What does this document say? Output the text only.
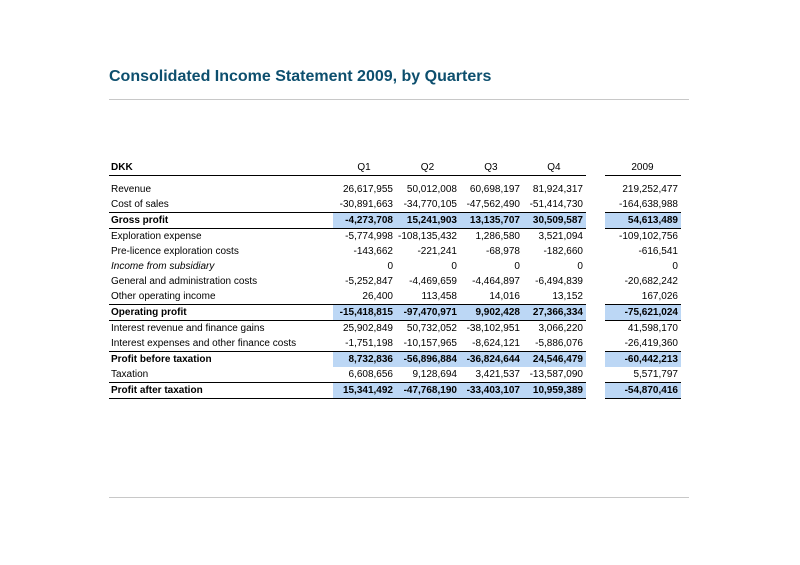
Consolidated Income Statement 2009, by Quarters
DKK	Q1	Q2	Q3	Q4		2009

Revenue	26,617,955	50,012,008	60,698,197	81,924,317		219,252,477
Cost of sales	-30,891,663	-34,770,105	-47,562,490	-51,414,730		-164,638,988
Gross profit	-4,273,708	15,241,903	13,135,707	30,509,587		54,613,489
Exploration expense	-5,774,998	-108,135,432	1,286,580	3,521,094		-109,102,756
Pre-licence exploration costs	-143,662	-221,241	-68,978	-182,660		-616,541
Income from subsidiary	0	0	0	0		0
General and administration costs	-5,252,847	-4,469,659	-4,464,897	-6,494,839		-20,682,242
Other operating income	26,400	113,458	14,016	13,152		167,026
Operating profit	-15,418,815	-97,470,971	9,902,428	27,366,334		-75,621,024
Interest revenue and finance gains	25,902,849	50,732,052	-38,102,951	3,066,220		41,598,170
Interest expenses and other finance costs	-1,751,198	-10,157,965	-8,624,121	-5,886,076		-26,419,360
Profit before taxation	8,732,836	-56,896,884	-36,824,644	24,546,479		-60,442,213
Taxation	6,608,656	9,128,694	3,421,537	-13,587,090		5,571,797
Profit after taxation	15,341,492	-47,768,190	-33,403,107	10,959,389		-54,870,416
